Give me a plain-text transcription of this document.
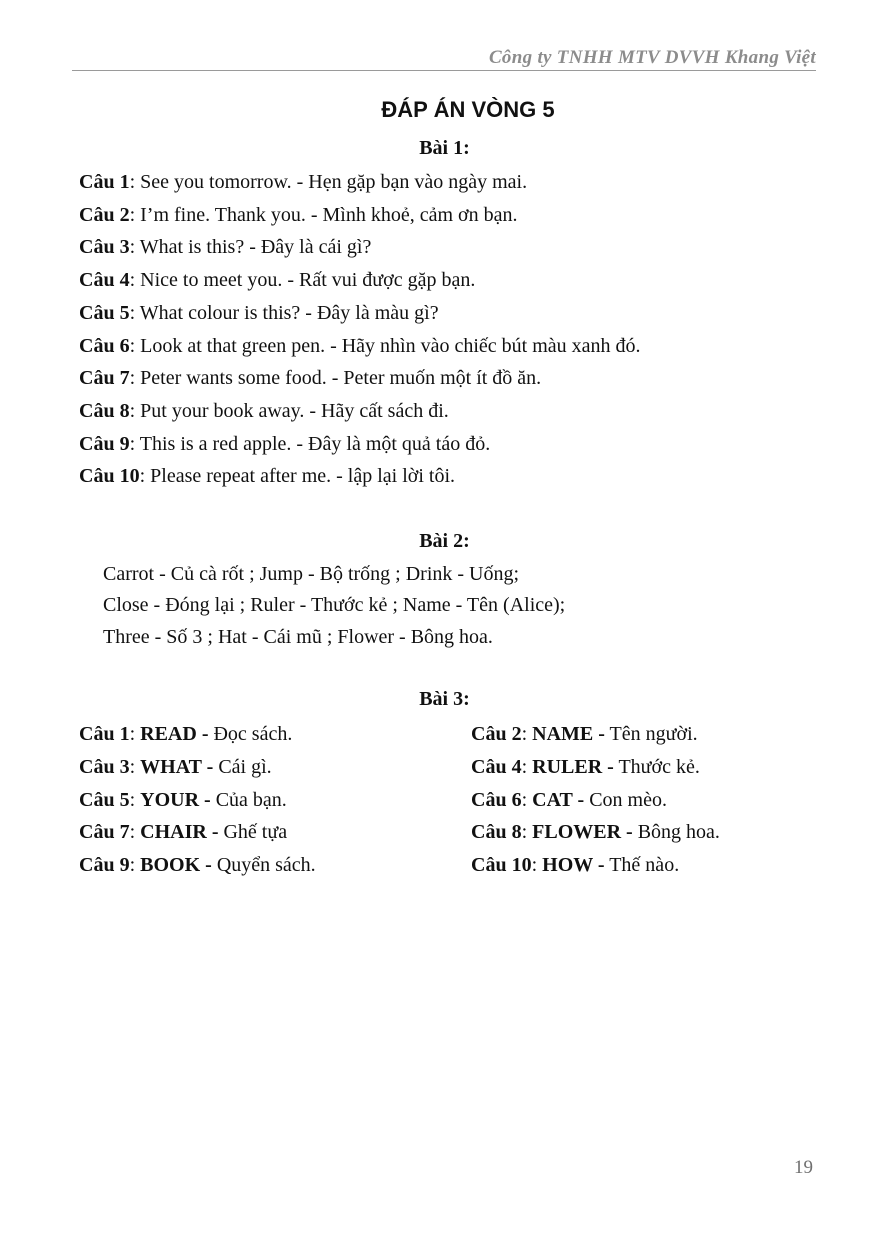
Công ty TNHH MTV DVVH Khang Việt
ĐÁP ÁN VÒNG 5
Bài 1:
Câu 1: See you tomorrow. - Hẹn gặp bạn vào ngày mai.
Câu 2: I’m fine. Thank you. - Mình khoẻ, cảm ơn bạn.
Câu 3: What is this? - Đây là cái gì?
Câu 4: Nice to meet you. - Rất vui được gặp bạn.
Câu 5: What colour is this? - Đây là màu gì?
Câu 6: Look at that green pen. - Hãy nhìn vào chiếc bút màu xanh đó.
Câu 7: Peter wants some food. - Peter muốn một ít đồ ăn.
Câu 8: Put your book away. - Hãy cất sách đi.
Câu 9: This is a red apple. - Đây là một quả táo đỏ.
Câu 10: Please repeat after me. - lập lại lời tôi.
Bài 2:
Carrot - Củ cà rốt ; Jump - Bộ trống ; Drink - Uống;
Close - Đóng lại ; Ruler - Thước kẻ ; Name - Tên (Alice);
Three - Số 3 ; Hat - Cái mũ ; Flower - Bông hoa.
Bài 3:
Câu 1: READ - Đọc sách.
Câu 3: WHAT - Cái gì.
Câu 5: YOUR - Của bạn.
Câu 7: CHAIR - Ghế tựa
Câu 9: BOOK - Quyển sách.
Câu 2: NAME - Tên người.
Câu 4: RULER - Thước kẻ.
Câu 6: CAT - Con mèo.
Câu 8: FLOWER - Bông hoa.
Câu 10: HOW - Thế nào.
19
